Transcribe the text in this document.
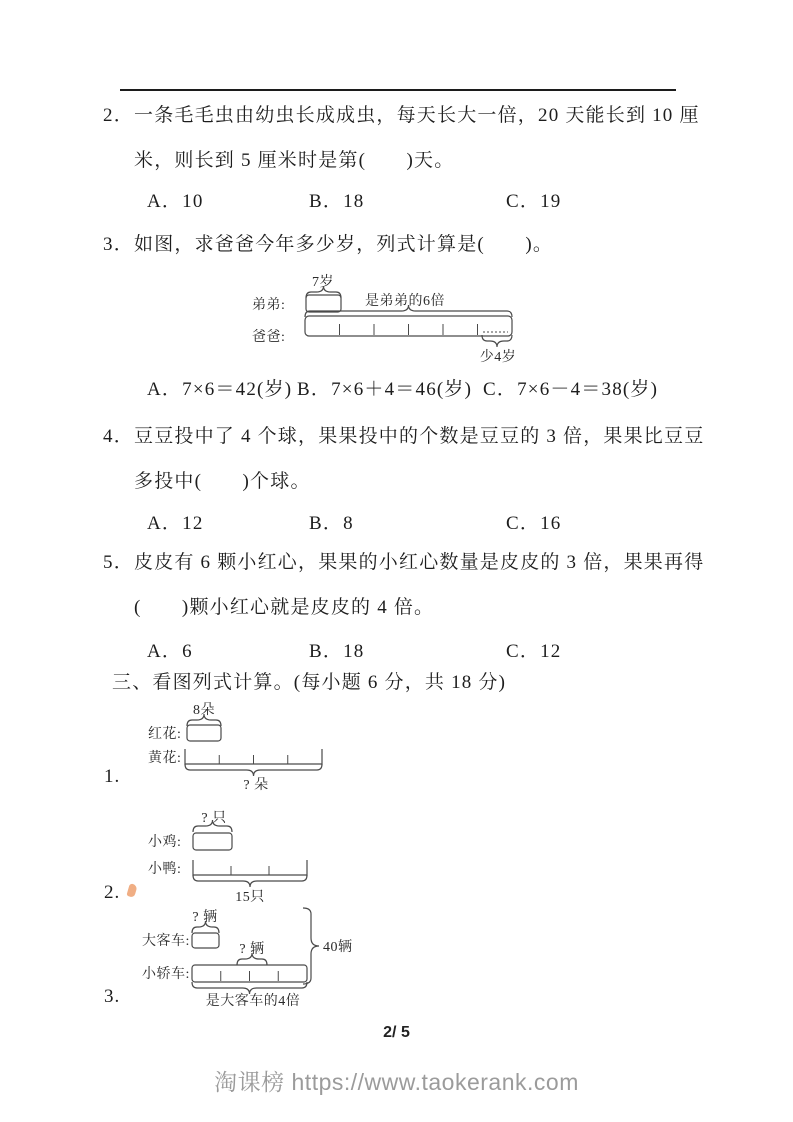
2． 一条毛毛虫由幼虫长成成虫，每天长大一倍，20 天能长到 10 厘
米，则长到 5 厘米时是第(　　)天。
A．10	B．18	C．19
3． 如图，求爸爸今年多少岁，列式计算是(　　)。
7岁
弟弟:	是弟弟的6倍
爸爸:
少4岁
A．7×6＝42(岁) B．7×6＋4＝46(岁) C．7×6－4＝38(岁)
4． 豆豆投中了 4 个球，果果投中的个数是豆豆的 3 倍，果果比豆豆
多投中(　　)个球。
A．12	B．8	C．16
5． 皮皮有 6 颗小红心，果果的小红心数量是皮皮的 3 倍，果果再得
(　　)颗小红心就是皮皮的 4 倍。
A．6	B．18	C．12
三、看图列式计算。(每小题 6 分，共 18 分)
8朵
红花:
黄花:
? 朵
1.
? 只
小鸡:
小鸭:
15只
2.
? 辆
大客车:
? 辆
小轿车:
是大客车的4倍
40辆
3.
2/ 5
淘课榜 https://www.taokerank.com
